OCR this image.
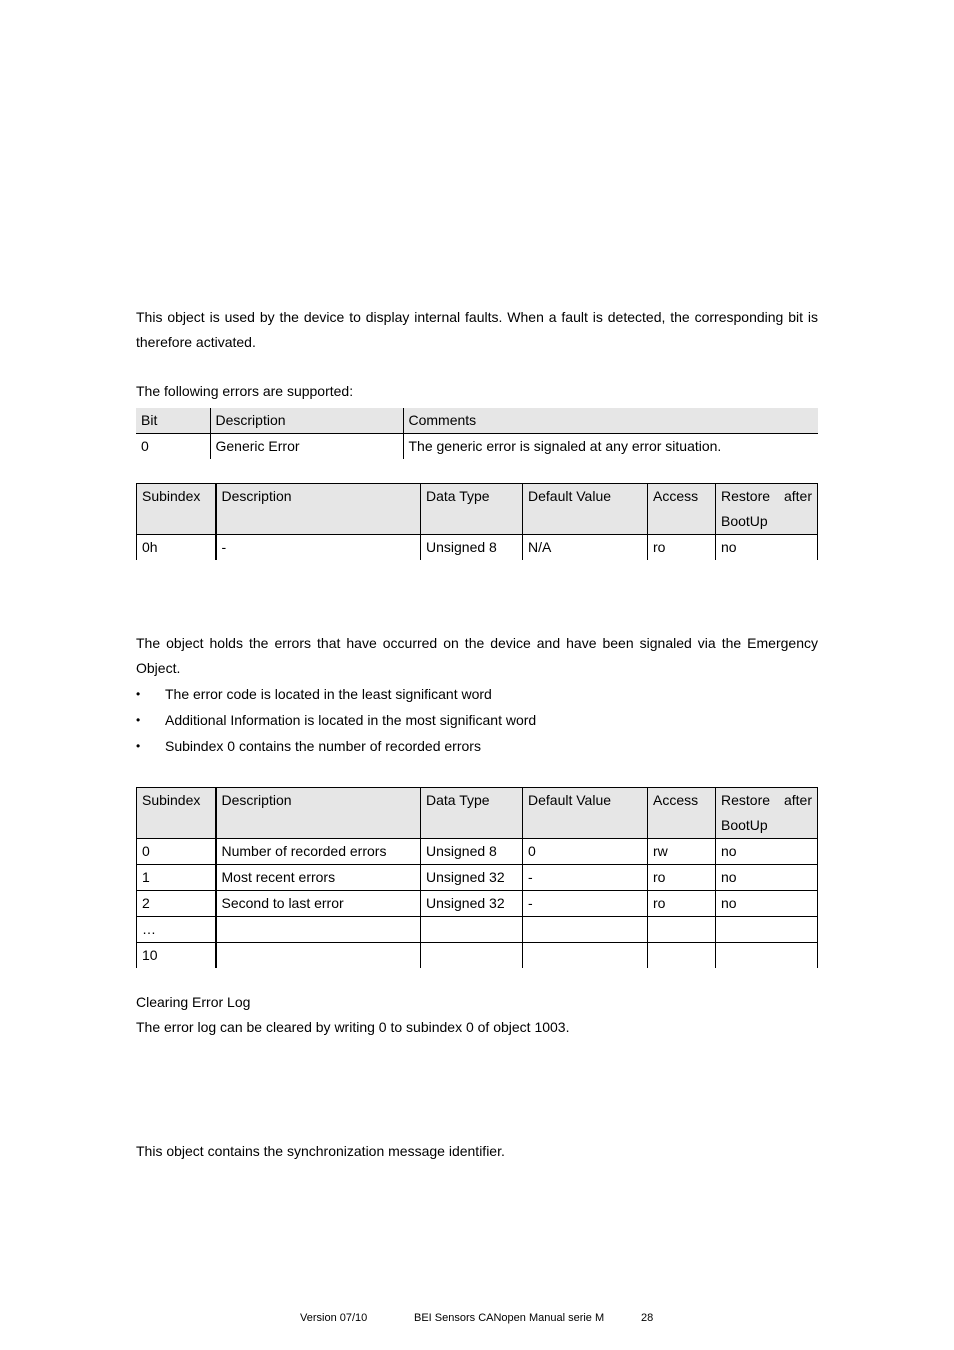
This object is used by the device to display internal faults. When a fault is detected, the corresponding bit is therefore activated.
The following errors are supported:
Bit	Description	Comments
0	Generic Error	The generic error is signaled at any error situation.
Subindex	Description	Data Type	Default Value	Access	Restore after
BootUp

0h	-	Unsigned 8	N/A	ro	no
The object holds the errors that have occurred on the device and have been signaled via the Emergency Object.
• The error code is located in the least significant word
• Additional Information is located in the most significant word
• Subindex 0 contains the number of recorded errors
Subindex	Description	Data Type	Default Value	Access	Restore after
BootUp

0	Number of recorded errors	Unsigned 8	0	rw	no
1	Most recent errors	Unsigned 32	-	ro	no
2	Second to last error	Unsigned 32	-	ro	no
…					
10					
Clearing Error Log
The error log can be cleared by writing 0 to subindex 0 of object 1003.
This object contains the synchronization message identifier.
Version 07/10	BEI Sensors CANopen Manual serie M	28
